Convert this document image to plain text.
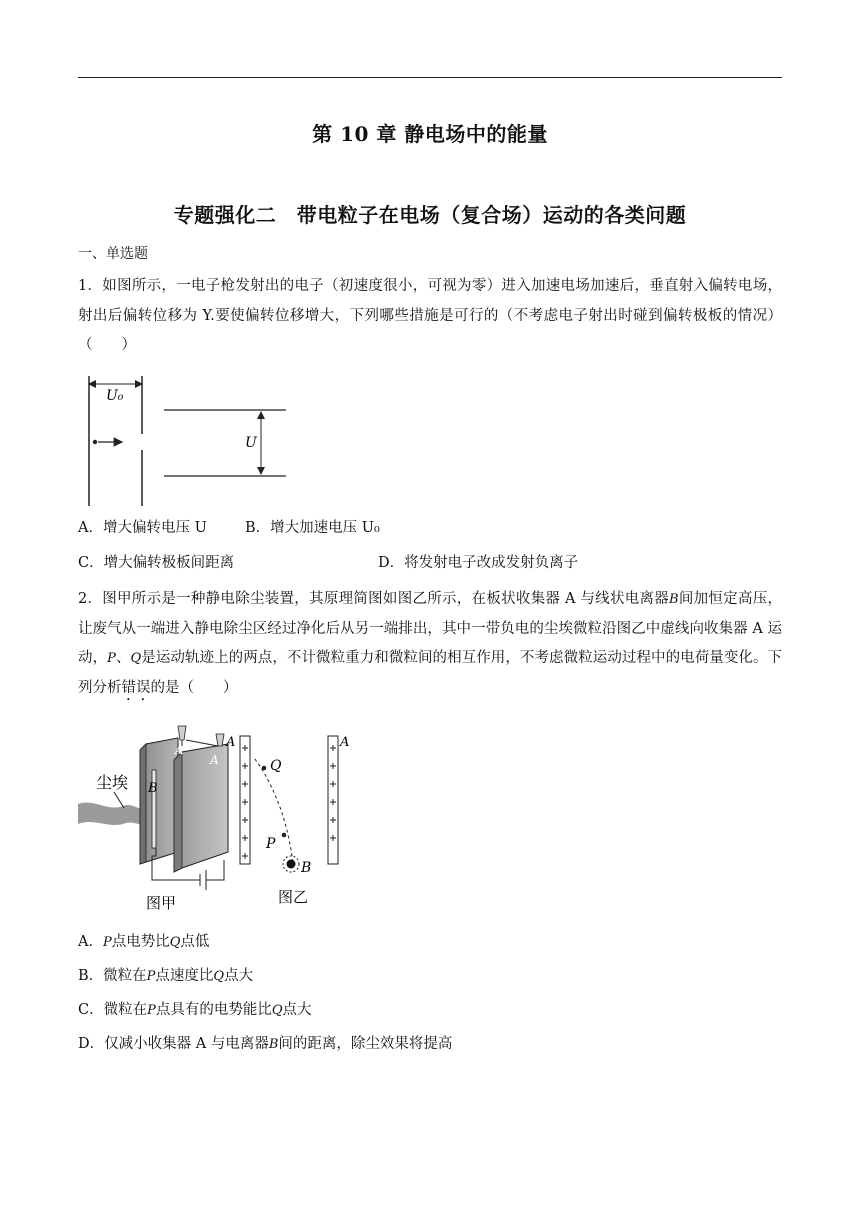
第 10 章 静电场中的能量
专题强化二　带电粒子在电场（复合场）运动的各类问题
一、单选题
1．如图所示，一电子枪发射出的电子（初速度很小，可视为零）进入加速电场加速后，垂直射入偏转电场，射出后偏转位移为 Y.要使偏转位移增大，下列哪些措施是可行的（不考虑电子射出时碰到偏转极板的情况）（　　）
U₀
U
A．增大偏转电压 U	B．增大加速电压 U₀
C．增大偏转极板间距离	D．将发射电子改成发射负离子
2．图甲所示是一种静电除尘装置，其原理简图如图乙所示，在板状收集器 A 与线状电离器B间加恒定高压，让废气从一端进入静电除尘区经过净化后从另一端排出，其中一带负电的尘埃微粒沿图乙中虚线向收集器 A 运动，P、Q是运动轨迹上的两点，不计微粒重力和微粒间的相互作用，不考虑微粒运动过程中的电荷量变化。下列分析错误的是（　　）
尘埃 B
A
A
A
图甲
Q
P
B
A
图乙
A．P点电势比Q点低
B．微粒在P点速度比Q点大
C．微粒在P点具有的电势能比Q点大
D．仅减小收集器 A 与电离器B间的距离，除尘效果将提高
